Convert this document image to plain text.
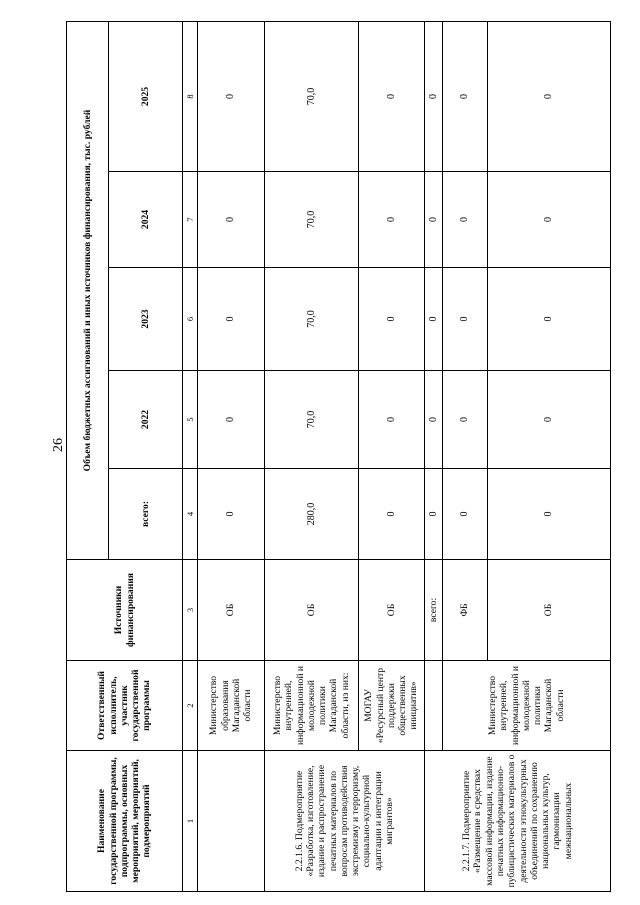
26
Наименование государственной программы, подпрограммы, основных мероприятий, мероприятий, подмероприятий	Ответственный исполнитель, участник государственной программы	Источники финансирования	Объем бюджетных ассигнований и иных источников финансирования, тыс. рублей				
			всего:	2022	2023	2024	2025
1	2	3	4	5	6	7	8
	Министерство образования Магаданской области	ОБ	0	0	0	0	0
2.2.1.6. Подмероприятие «Разработка, изготовление, издание и распространение печатных материалов по вопросам противодействия экстремизму и терроризму, социально-культурной адаптации и интеграции мигрантов»	Министерство внутренней, информационной и молодежной политики Магаданской области, из них:	ОБ	280,0	70,0	70,0	70,0	70,0
	МОГАУ «Ресурсный центр поддержки общественных инициатив»	ОБ	0	0	0	0	0
2.2.1.7. Подмероприятие «Размещение в средствах массовой информации, издание печатных информационно-публицистических материалов о деятельности этнокультурных объединений по сохранению национальных культур, гармонизации межнациональных		всего:	0	0	0	0	0
	Министерство внутренней, информационной и молодежной политики Магаданской области	ФБ	0	0	0	0	0
		ОБ	0	0	0	0	0
